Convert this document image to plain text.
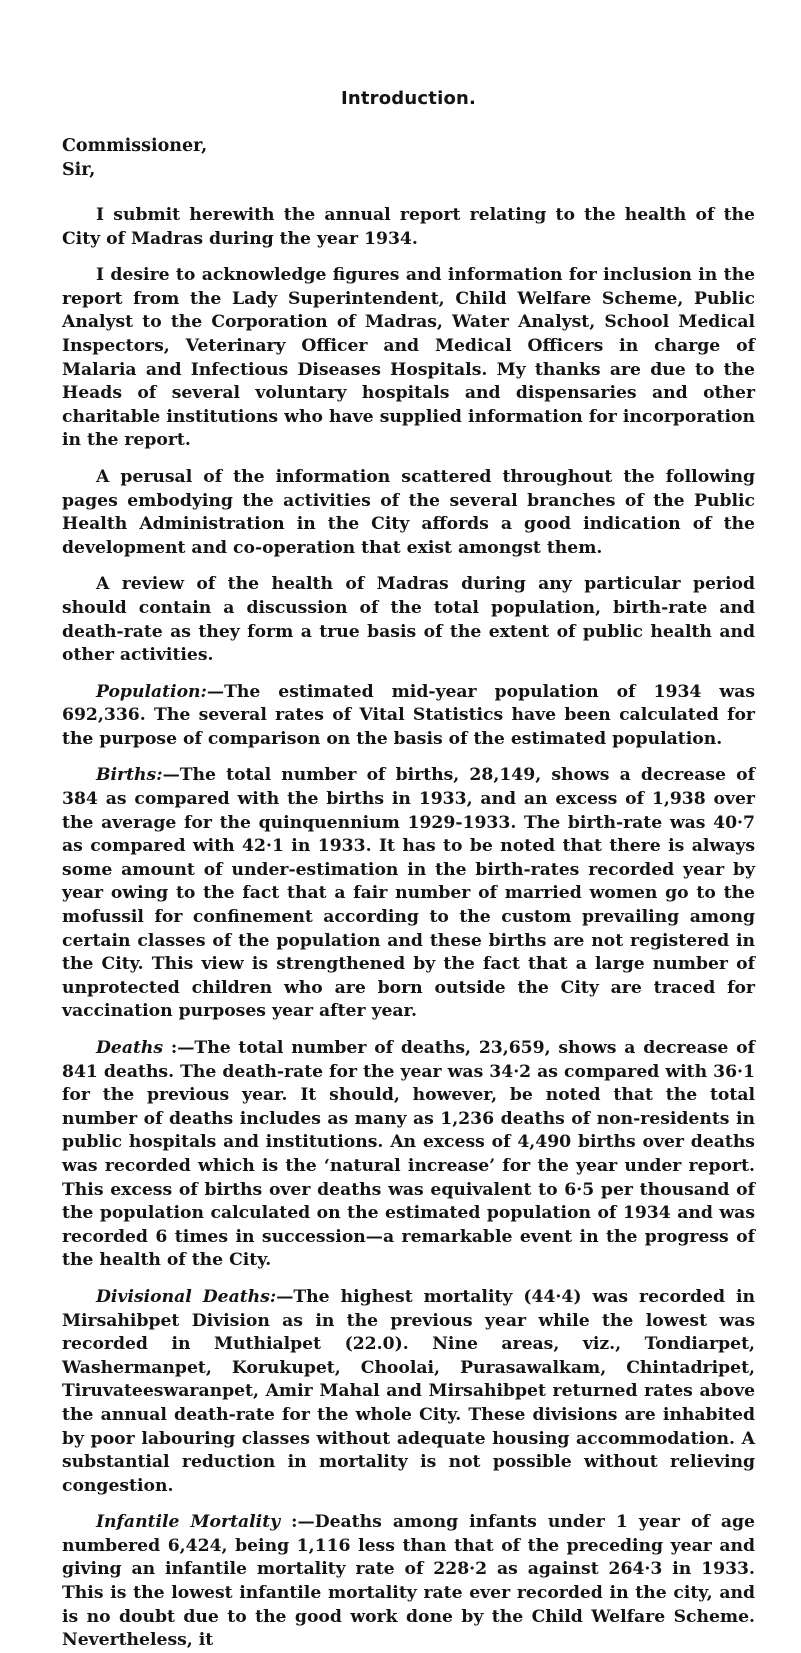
Introduction.

Commissioner,

Sir,

I submit herewith the annual report relating to the health of the City of Madras during the year 1934.

I desire to acknowledge figures and information for inclusion in the report from the Lady Superintendent, Child Welfare Scheme, Public Analyst to the Corporation of Madras, Water Analyst, School Medical Inspectors, Veterinary Officer and Medical Officers in charge of Malaria and Infectious Diseases Hospitals. My thanks are due to the Heads of several voluntary hospitals and dispensaries and other charitable institutions who have supplied information for incorporation in the report.

A perusal of the information scattered throughout the following pages embodying the activities of the several branches of the Public Health Administration in the City affords a good indication of the development and co-operation that exist amongst them.

A review of the health of Madras during any particular period should contain a discussion of the total population, birth-rate and death-rate as they form a true basis of the extent of public health and other activities.

Population:—The estimated mid-year population of 1934 was 692,336. The several rates of Vital Statistics have been calculated for the purpose of comparison on the basis of the estimated population.

Births:—The total number of births, 28,149, shows a decrease of 384 as compared with the births in 1933, and an excess of 1,938 over the average for the quinquennium 1929-1933. The birth-rate was 40·7 as compared with 42·1 in 1933. It has to be noted that there is always some amount of under-estimation in the birth-rates recorded year by year owing to the fact that a fair number of married women go to the mofussil for confinement according to the custom prevailing among certain classes of the population and these births are not registered in the City. This view is strengthened by the fact that a large number of unprotected children who are born outside the City are traced for vaccination purposes year after year.

Deaths :—The total number of deaths, 23,659, shows a decrease of 841 deaths. The death-rate for the year was 34·2 as compared with 36·1 for the previous year. It should, however, be noted that the total number of deaths includes as many as 1,236 deaths of non-residents in public hospitals and institutions. An excess of 4,490 births over deaths was recorded which is the ‘natural increase’ for the year under report. This excess of births over deaths was equivalent to 6·5 per thousand of the population calculated on the estimated population of 1934 and was recorded 6 times in succession—a remarkable event in the progress of the health of the City.

Divisional Deaths:—The highest mortality (44·4) was recorded in Mirsahibpet Division as in the previous year while the lowest was recorded in Muthialpet (22.0). Nine areas, viz., Tondiarpet, Washermanpet, Korukupet, Choolai, Purasawalkam, Chintadripet, Tiruvateeswaranpet, Amir Mahal and Mirsahibpet returned rates above the annual death-rate for the whole City. These divisions are inhabited by poor labouring classes without adequate housing accommodation. A substantial reduction in mortality is not possible without relieving congestion.

Infantile Mortality :—Deaths among infants under 1 year of age numbered 6,424, being 1,116 less than that of the preceding year and giving an infantile mortality rate of 228·2 as against 264·3 in 1933. This is the lowest infantile mortality rate ever recorded in the city, and is no doubt due to the good work done by the Child Welfare Scheme. Nevertheless, it
